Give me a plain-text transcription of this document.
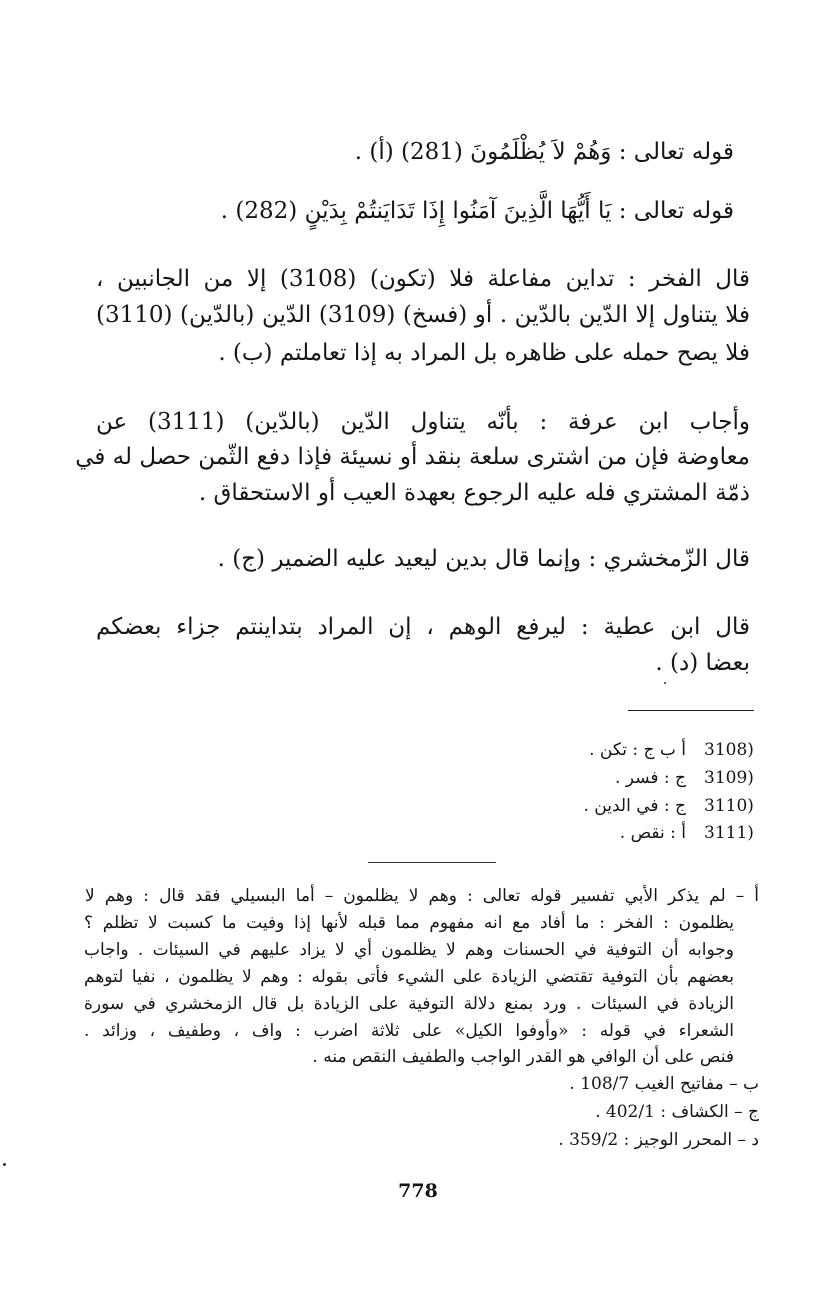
قوله تعالى : وَهُمْ لاَ يُظْلَمُونَ (281) (أ) .
قوله تعالى : يَا أَيُّهَا الَّذِينَ آمَنُوا إِذَا تَدَايَنتُمْ بِدَيْنٍ (282) .
قال الفخر : تداين مفاعلة فلا (تكون) (3108) إلا من الجانبين ،
فلا يتناول إلا الدّين بالدّين . أو (فسخ) (3109) الدّين (بالدّين) (3110)
فلا يصح حمله على ظاهره بل المراد به إذا تعاملتم (ب) .
وأجاب ابن عرفة : بأنّه يتناول الدّين (بالدّين) (3111) عن
معاوضة فإن من اشترى سلعة بنقد أو نسيئة فإذا دفع الثّمن حصل له في
ذمّة المشتري فله عليه الرجوع بعهدة العيب أو الاستحقاق .
قال الزّمخشري : وإنما قال بدين ليعيد عليه الضمير (ج) .
قال ابن عطية : ليرفع الوهم ، إن المراد بتداينتم جزاء بعضكم
بعضا (د) .
أ ب ج : تكن . 3108)
ج : فسر . 3109)
ج : في الدين . 3110)
أ : نقص . 3111)
أ – لم يذكر الأبي تفسير قوله تعالى : وهم لا يظلمون – أما البسيلي فقد قال : وهم لا
يظلمون : الفخر : ما أفاد مع انه مفهوم مما قبله لأنها إذا وفيت ما كسبت لا تظلم ؟
وجوابه أن التوفية في الحسنات وهم لا يظلمون أي لا يزاد عليهم في السيئات . واجاب
بعضهم بأن التوفية تقتضي الزيادة على الشيء فأتى بقوله : وهم لا يظلمون ، نفيا لتوهم
الزيادة في السيئات . ورد بمنع دلالة التوفية على الزيادة بل قال الزمخشري في سورة
الشعراء في قوله : «وأوفوا الكيل» على ثلاثة اضرب : واف ، وطفيف ، وزائد .
فنص على أن الوافي هو القدر الواجب والطفيف النقص منه .
ب – مفاتيح الغيب 108/7 .
ج – الكشاف : 402/1 .
د – المحرر الوجيز : 359/2 .
778
